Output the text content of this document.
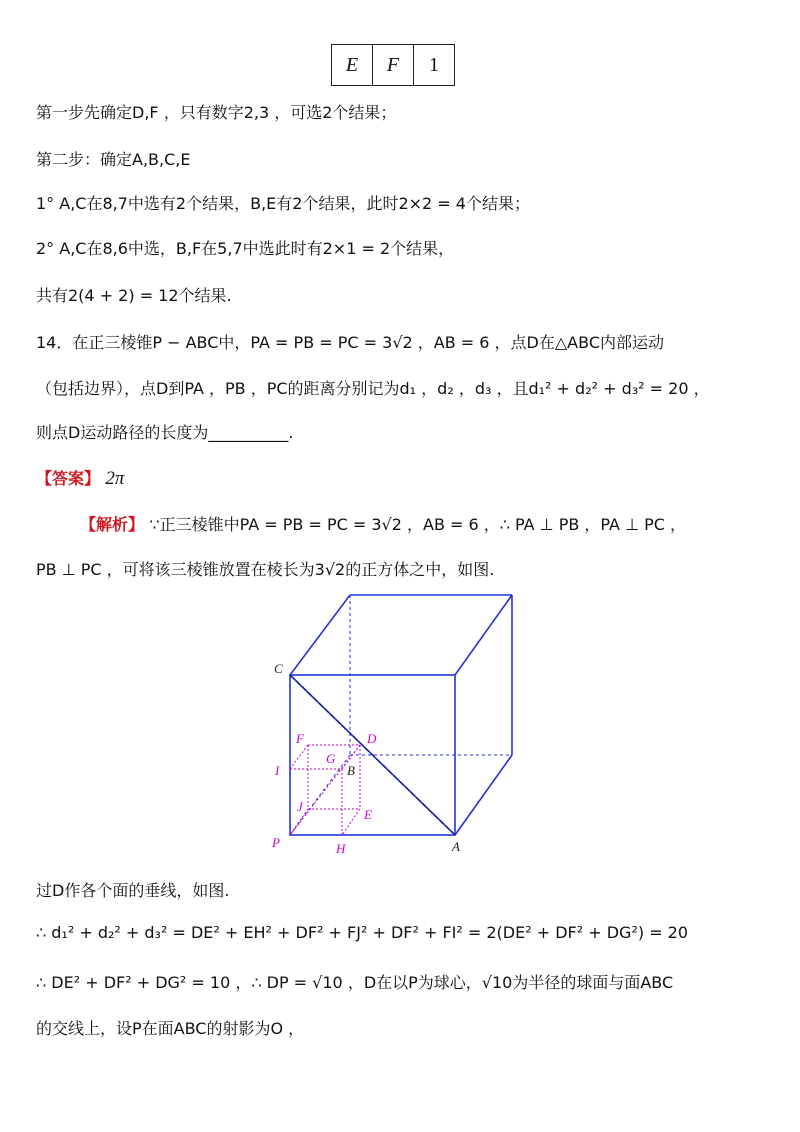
E	F	1
第一步先确定D,F ，只有数字2,3 ，可选2个结果；
第二步：确定A,B,C,E
1° A,C在8,7中选有2个结果，B,E有2个结果，此时2×2 = 4个结果；
2° A,C在8,6中选，B,F在5,7中选此时有2×1 = 2个结果，
共有2(4 + 2) = 12个结果.
14．在正三棱锥P − ABC中，PA = PB = PC = 3√2 ，AB = 6 ，点D在△ABC内部运动
（包括边界），点D到PA ，PB ，PC的距离分别记为d₁ ，d₂ ，d₃ ，且d₁² + d₂² + d₃² = 20 ，
则点D运动路径的长度为__________.
【答案】 2π
【解析】 ∵正三棱锥中PA = PB = PC = 3√2 ，AB = 6 ，∴ PA ⊥ PB ，PA ⊥ PC ，
PB ⊥ PC ，可将该三棱锥放置在棱长为3√2的正方体之中，如图.
C
F	D
G
I	B
J
E
P	H	A
过D作各个面的垂线，如图.
∴ d₁² + d₂² + d₃² = DE² + EH² + DF² + FJ² + DF² + FI² = 2(DE² + DF² + DG²) = 20
∴ DE² + DF² + DG² = 10 ，∴ DP = √10 ，D在以P为球心，√10为半径的球面与面ABC
的交线上，设P在面ABC的射影为O ，
